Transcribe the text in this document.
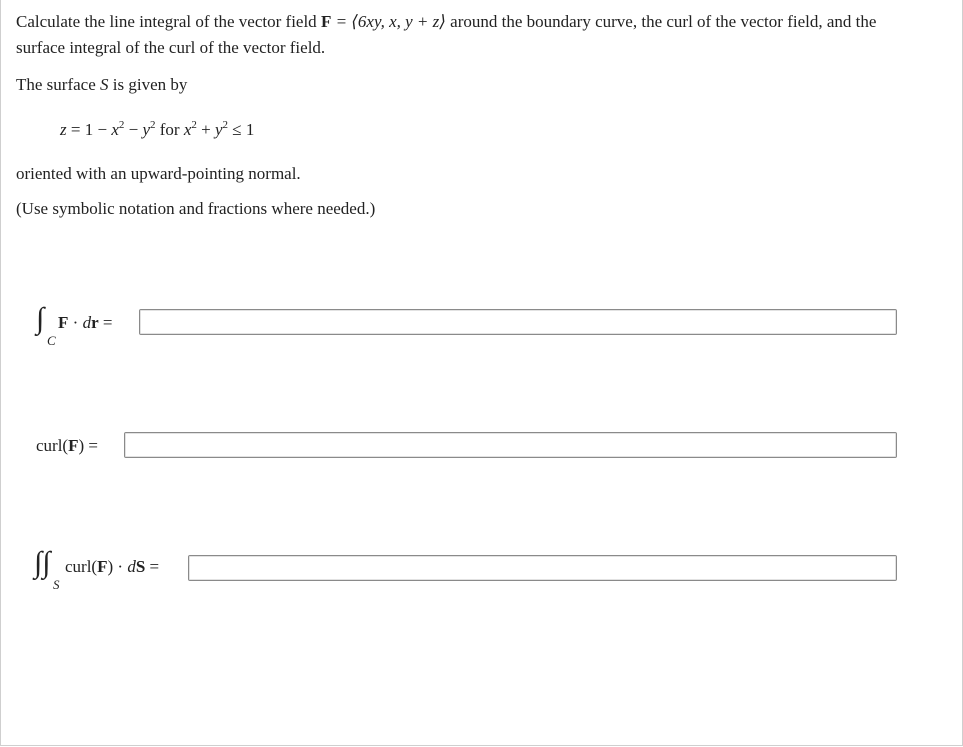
Calculate the line integral of the vector field F = ⟨6xy, x, y + z⟩ around the boundary curve, the curl of the vector field, and the
surface integral of the curl of the vector field.
The surface S is given by
$z = 1 - x^2 - y^2$ for $x^2 + y^2 \le 1$
oriented with an upward-pointing normal.
(Use symbolic notation and fractions where needed.)
∫
C
F · dr =
curl(F) =
∫∫
S
curl(F) · dS =
